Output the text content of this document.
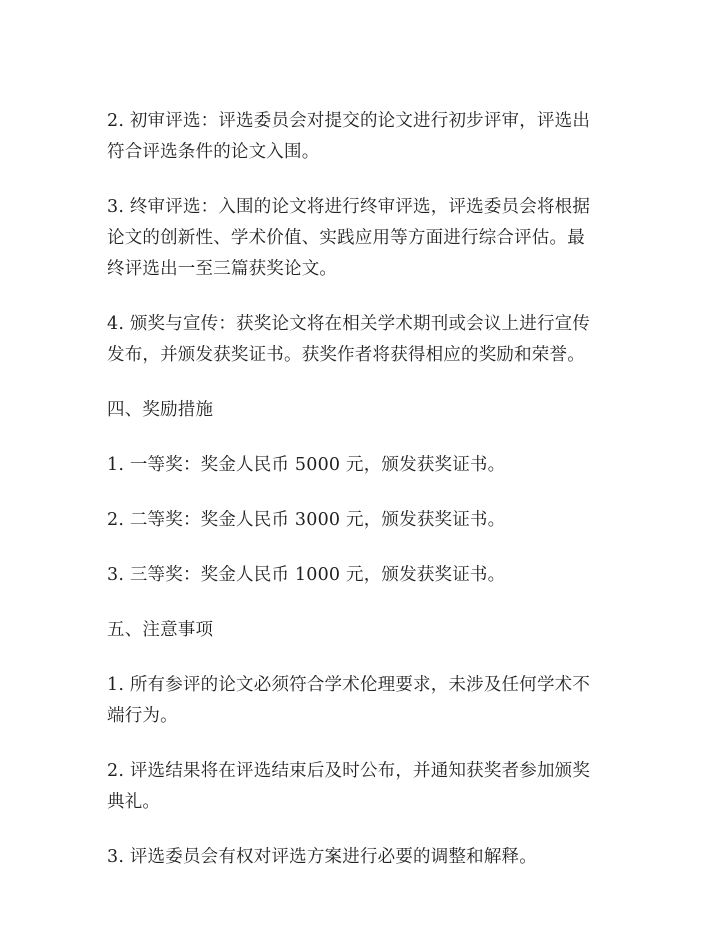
2. 初审评选：评选委员会对提交的论文进行初步评审，评选出
符合评选条件的论文入围。

3. 终审评选：入围的论文将进行终审评选，评选委员会将根据
论文的创新性、学术价值、实践应用等方面进行综合评估。最
终评选出一至三篇获奖论文。

4. 颁奖与宣传：获奖论文将在相关学术期刊或会议上进行宣传
发布，并颁发获奖证书。获奖作者将获得相应的奖励和荣誉。

四、奖励措施

1. 一等奖：奖金人民币 5000 元，颁发获奖证书。

2. 二等奖：奖金人民币 3000 元，颁发获奖证书。

3. 三等奖：奖金人民币 1000 元，颁发获奖证书。

五、注意事项

1. 所有参评的论文必须符合学术伦理要求，未涉及任何学术不
端行为。

2. 评选结果将在评选结束后及时公布，并通知获奖者参加颁奖
典礼。

3. 评选委员会有权对评选方案进行必要的调整和解释。
